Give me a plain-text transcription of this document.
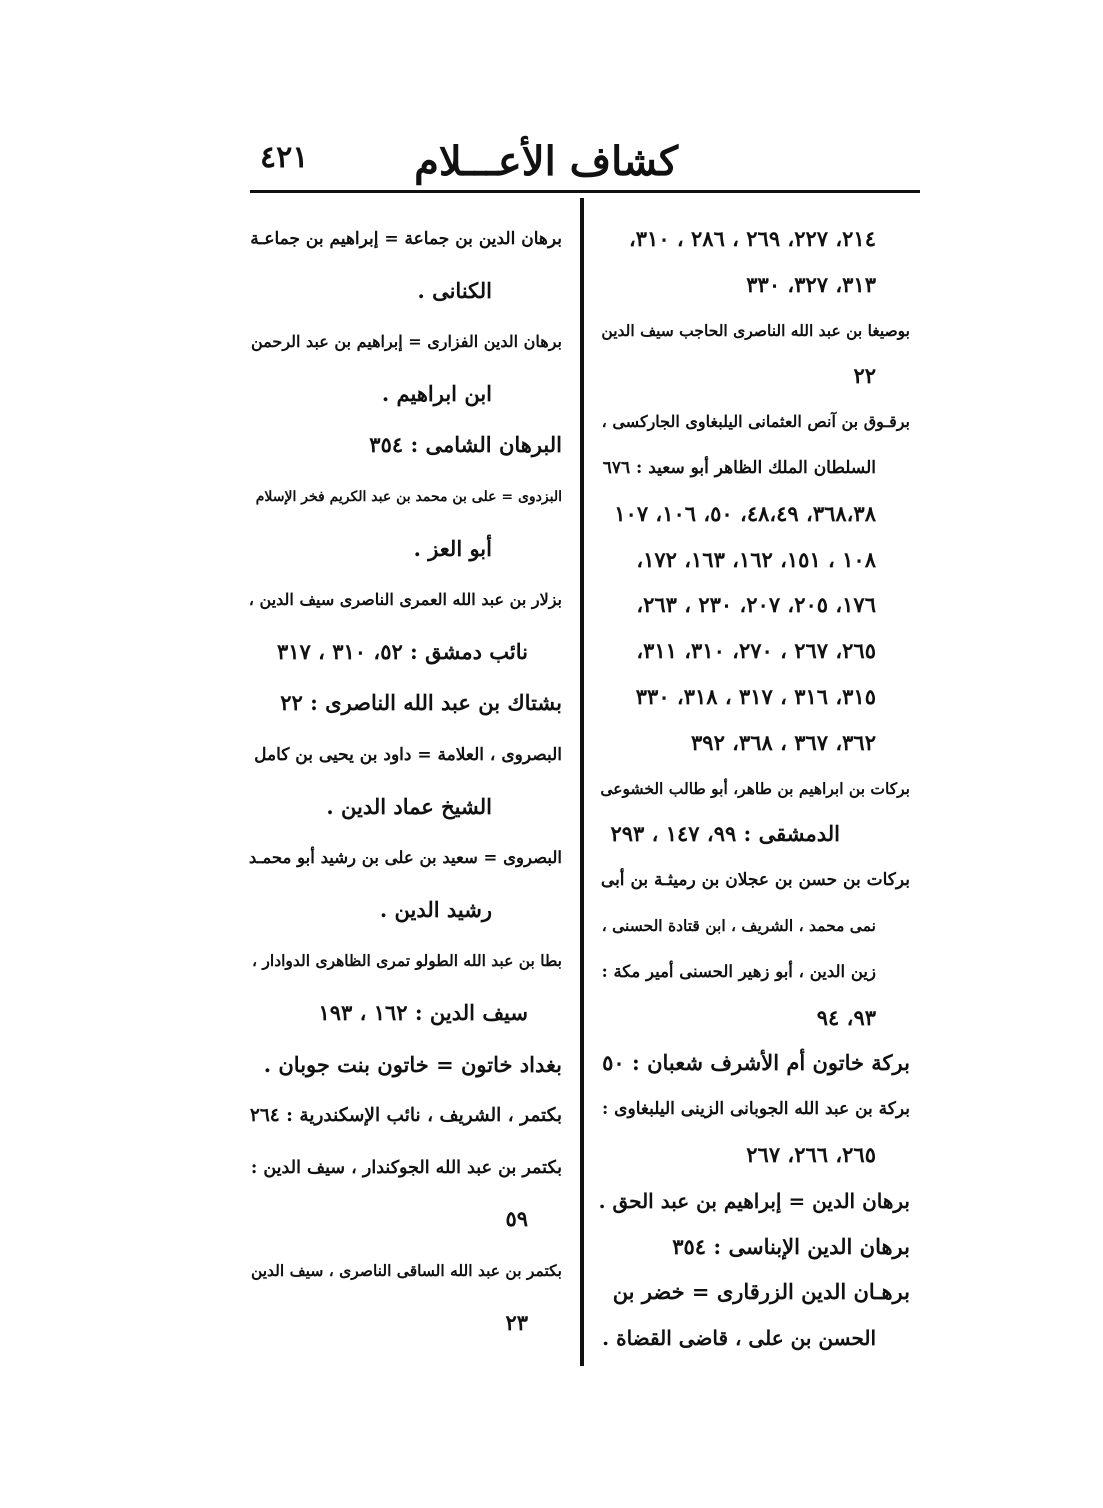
كشاف الأعـــلام
٤٢١
٢١٤، ٢٢٧، ٢٦٩ ، ٢٨٦ ، ٣١٠،
٣١٣، ٣٢٧، ٣٣٠
بوصيغا بن عبد الله الناصرى الحاجب سيف الدين
٢٢
برقـوق بن آنص العثمانى اليلبغاوى الجاركسى ،
السلطان الملك الظاهر أبو سعيد : ٦٧٦
٣٦٨،٣٨، ٤٨،٤٩، ٥٠، ١٠٦، ١٠٧
١٠٨ ، ١٥١، ١٦٢، ١٦٣، ١٧٢،
١٧٦، ٢٠٥، ٢٠٧، ٢٣٠ ، ٢٦٣،
٢٦٥، ٢٦٧ ، ٢٧٠، ٣١٠، ٣١١،
٣١٥، ٣١٦ ، ٣١٧ ، ٣١٨، ٣٣٠
٣٦٢، ٣٦٧ ، ٣٦٨، ٣٩٢
بركات بن ابراهيم بن طاهر، أبو طالب الخشوعى
الدمشقى : ٩٩، ١٤٧ ، ٢٩٣
بركات بن حسن بن عجلان بن رميثـة بن أبى
نمى محمد ، الشريف ، ابن قتادة الحسنى ،
زين الدين ، أبو زهير الحسنى أمير مكة :
٩٣، ٩٤
بركة خاتون أم الأشرف شعبان : ٥٠
بركة بن عبد الله الجوبانى الزينى اليلبغاوى :
٢٦٥، ٢٦٦، ٢٦٧
برهان الدين = إبراهيم بن عبد الحق .
برهان الدين الإبناسى : ٣٥٤
برهـان الدين الزرقارى = خضر بن
الحسن بن على ، قاضى القضاة .
برهان الدين بن جماعة = إبراهيم بن جماعـة
الكنانى .
برهان الدين الفزارى = إبراهيم بن عبد الرحمن
ابن ابراهيم .
البرهان الشامى : ٣٥٤
البزدوى = على بن محمد بن عبد الكريم فخر الإسلام
أبو العز .
بزلار بن عبد الله العمرى الناصرى سيف الدين ،
نائب دمشق : ٥٢، ٣١٠ ، ٣١٧
بشتاك بن عبد الله الناصرى : ٢٢
البصروى ، العلامة = داود بن يحيى بن كامل
الشيخ عماد الدين .
البصروى = سعيد بن على بن رشيد أبو محمـد
رشيد الدين .
بطا بن عبد الله الطولو تمرى الظاهرى الدوادار ،
سيف الدين : ١٦٢ ، ١٩٣
بغداد خاتون = خاتون بنت جوبان .
بكتمر ، الشريف ، نائب الإسكندرية : ٢٦٤
بكتمر بن عبد الله الجوكندار ، سيف الدين :
٥٩
بكتمر بن عبد الله الساقى الناصرى ، سيف الدين
٢٣
